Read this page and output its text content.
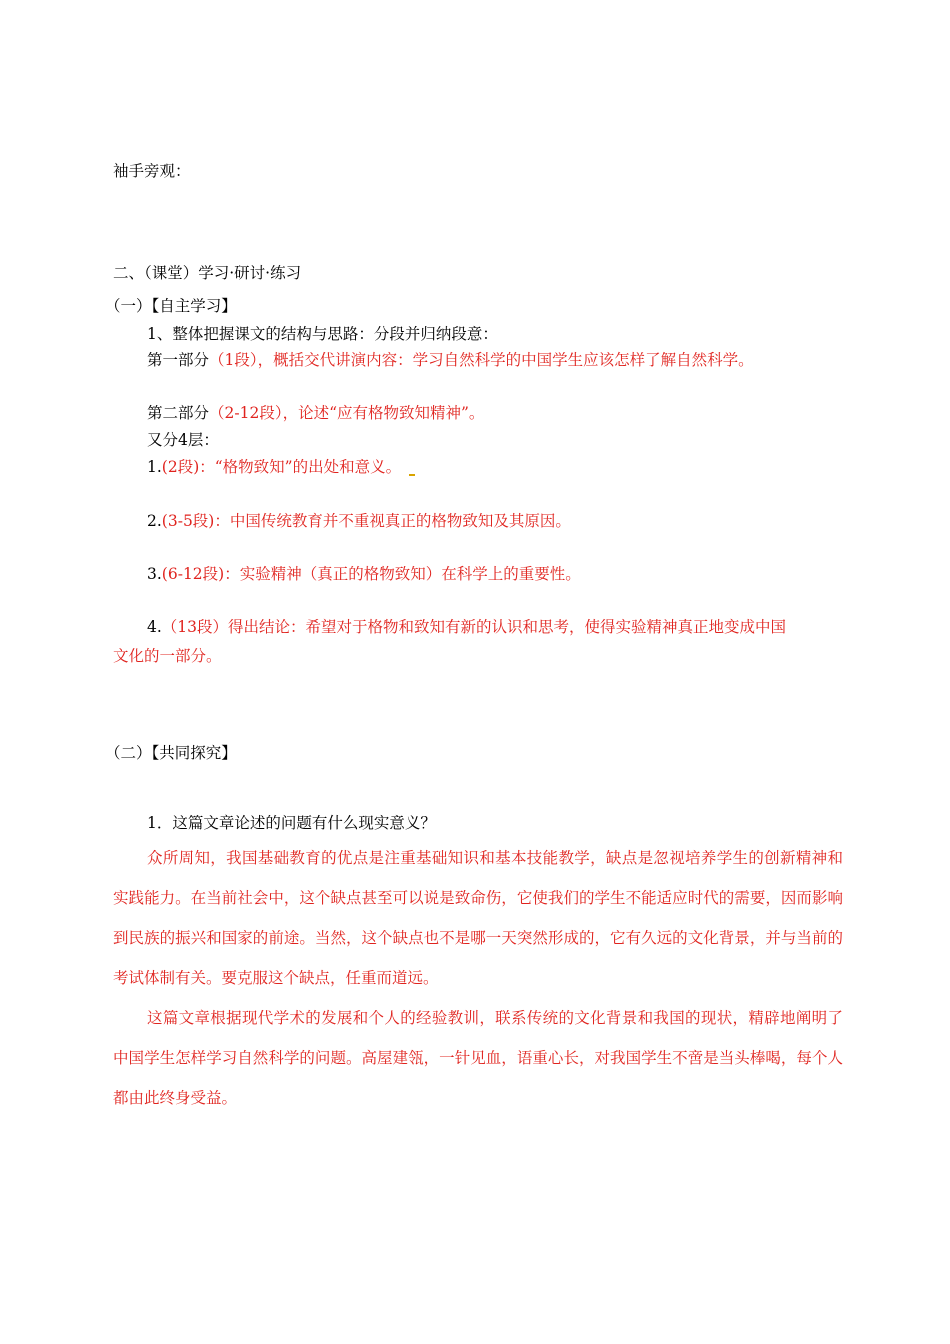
袖手旁观：
二、（课堂）学习·研讨·练习
（一）【自主学习】
1、整体把握课文的结构与思路：分段并归纳段意：
第一部分（1段），概括交代讲演内容：学习自然科学的中国学生应该怎样了解自然科学。
第二部分（2-12段），论述“应有格物致知精神”。
又分4层：
1.(2段)：“格物致知”的出处和意义。
2.(3-5段)：中国传统教育并不重视真正的格物致知及其原因。
3.(6-12段)：实验精神（真正的格物致知）在科学上的重要性。
4.（13段）得出结论：希望对于格物和致知有新的认识和思考，使得实验精神真正地变成中国
文化的一部分。
（二）【共同探究】
1．这篇文章论述的问题有什么现实意义？
众所周知，我国基础教育的优点是注重基础知识和基本技能教学，缺点是忽视培养学生的创新精神和实践能力。在当前社会中，这个缺点甚至可以说是致命伤，它使我们的学生不能适应时代的需要，因而影响到民族的振兴和国家的前途。当然，这个缺点也不是哪一天突然形成的，它有久远的文化背景，并与当前的考试体制有关。要克服这个缺点，任重而道远。
这篇文章根据现代学术的发展和个人的经验教训，联系传统的文化背景和我国的现状，精辟地阐明了中国学生怎样学习自然科学的问题。高屋建瓴，一针见血，语重心长，对我国学生不啻是当头棒喝，每个人都由此终身受益。
